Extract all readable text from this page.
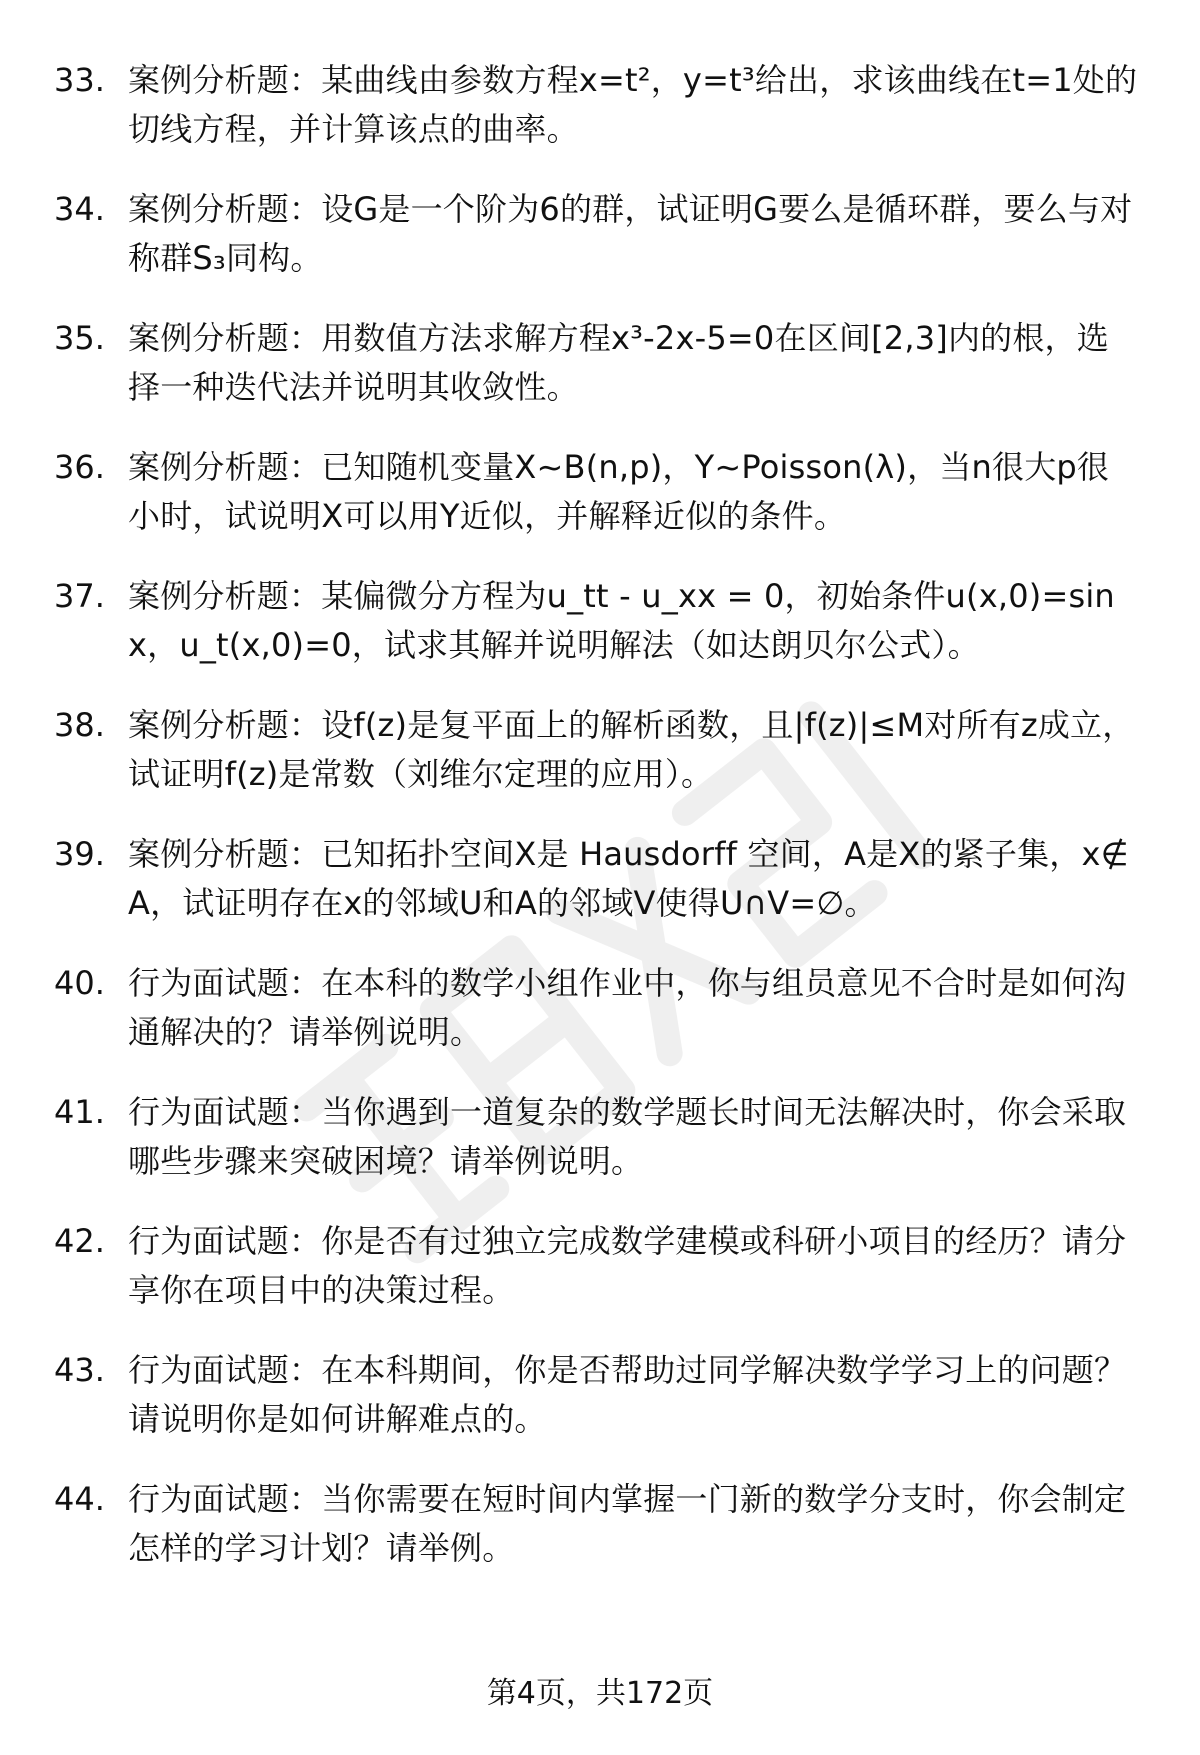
33. 案例分析题：某曲线由参数方程x=t²，y=t³给出，求该曲线在t=1处的切线方程，并计算该点的曲率。
34. 案例分析题：设G是一个阶为6的群，试证明G要么是循环群，要么与对称群S₃同构。
35. 案例分析题：用数值方法求解方程x³-2x-5=0在区间[2,3]内的根，选择一种迭代法并说明其收敛性。
36. 案例分析题：已知随机变量X~B(n,p)，Y~Poisson(λ)，当n很大p很小时，试说明X可以用Y近似，并解释近似的条件。
37. 案例分析题：某偏微分方程为u_tt - u_xx = 0，初始条件u(x,0)=sinx，u_t(x,0)=0，试求其解并说明解法（如达朗贝尔公式）。
38. 案例分析题：设f(z)是复平面上的解析函数，且|f(z)|≤M对所有z成立，试证明f(z)是常数（刘维尔定理的应用）。
39. 案例分析题：已知拓扑空间X是 Hausdorff 空间，A是X的紧子集，x∉A，试证明存在x的邻域U和A的邻域V使得U∩V=∅。
40. 行为面试题：在本科的数学小组作业中，你与组员意见不合时是如何沟通解决的？请举例说明。
41. 行为面试题：当你遇到一道复杂的数学题长时间无法解决时，你会采取哪些步骤来突破困境？请举例说明。
42. 行为面试题：你是否有过独立完成数学建模或科研小项目的经历？请分享你在项目中的决策过程。
43. 行为面试题：在本科期间，你是否帮助过同学解决数学学习上的问题？请说明你是如何讲解难点的。
44. 行为面试题：当你需要在短时间内掌握一门新的数学分支时，你会制定怎样的学习计划？请举例。
第4页，共172页
